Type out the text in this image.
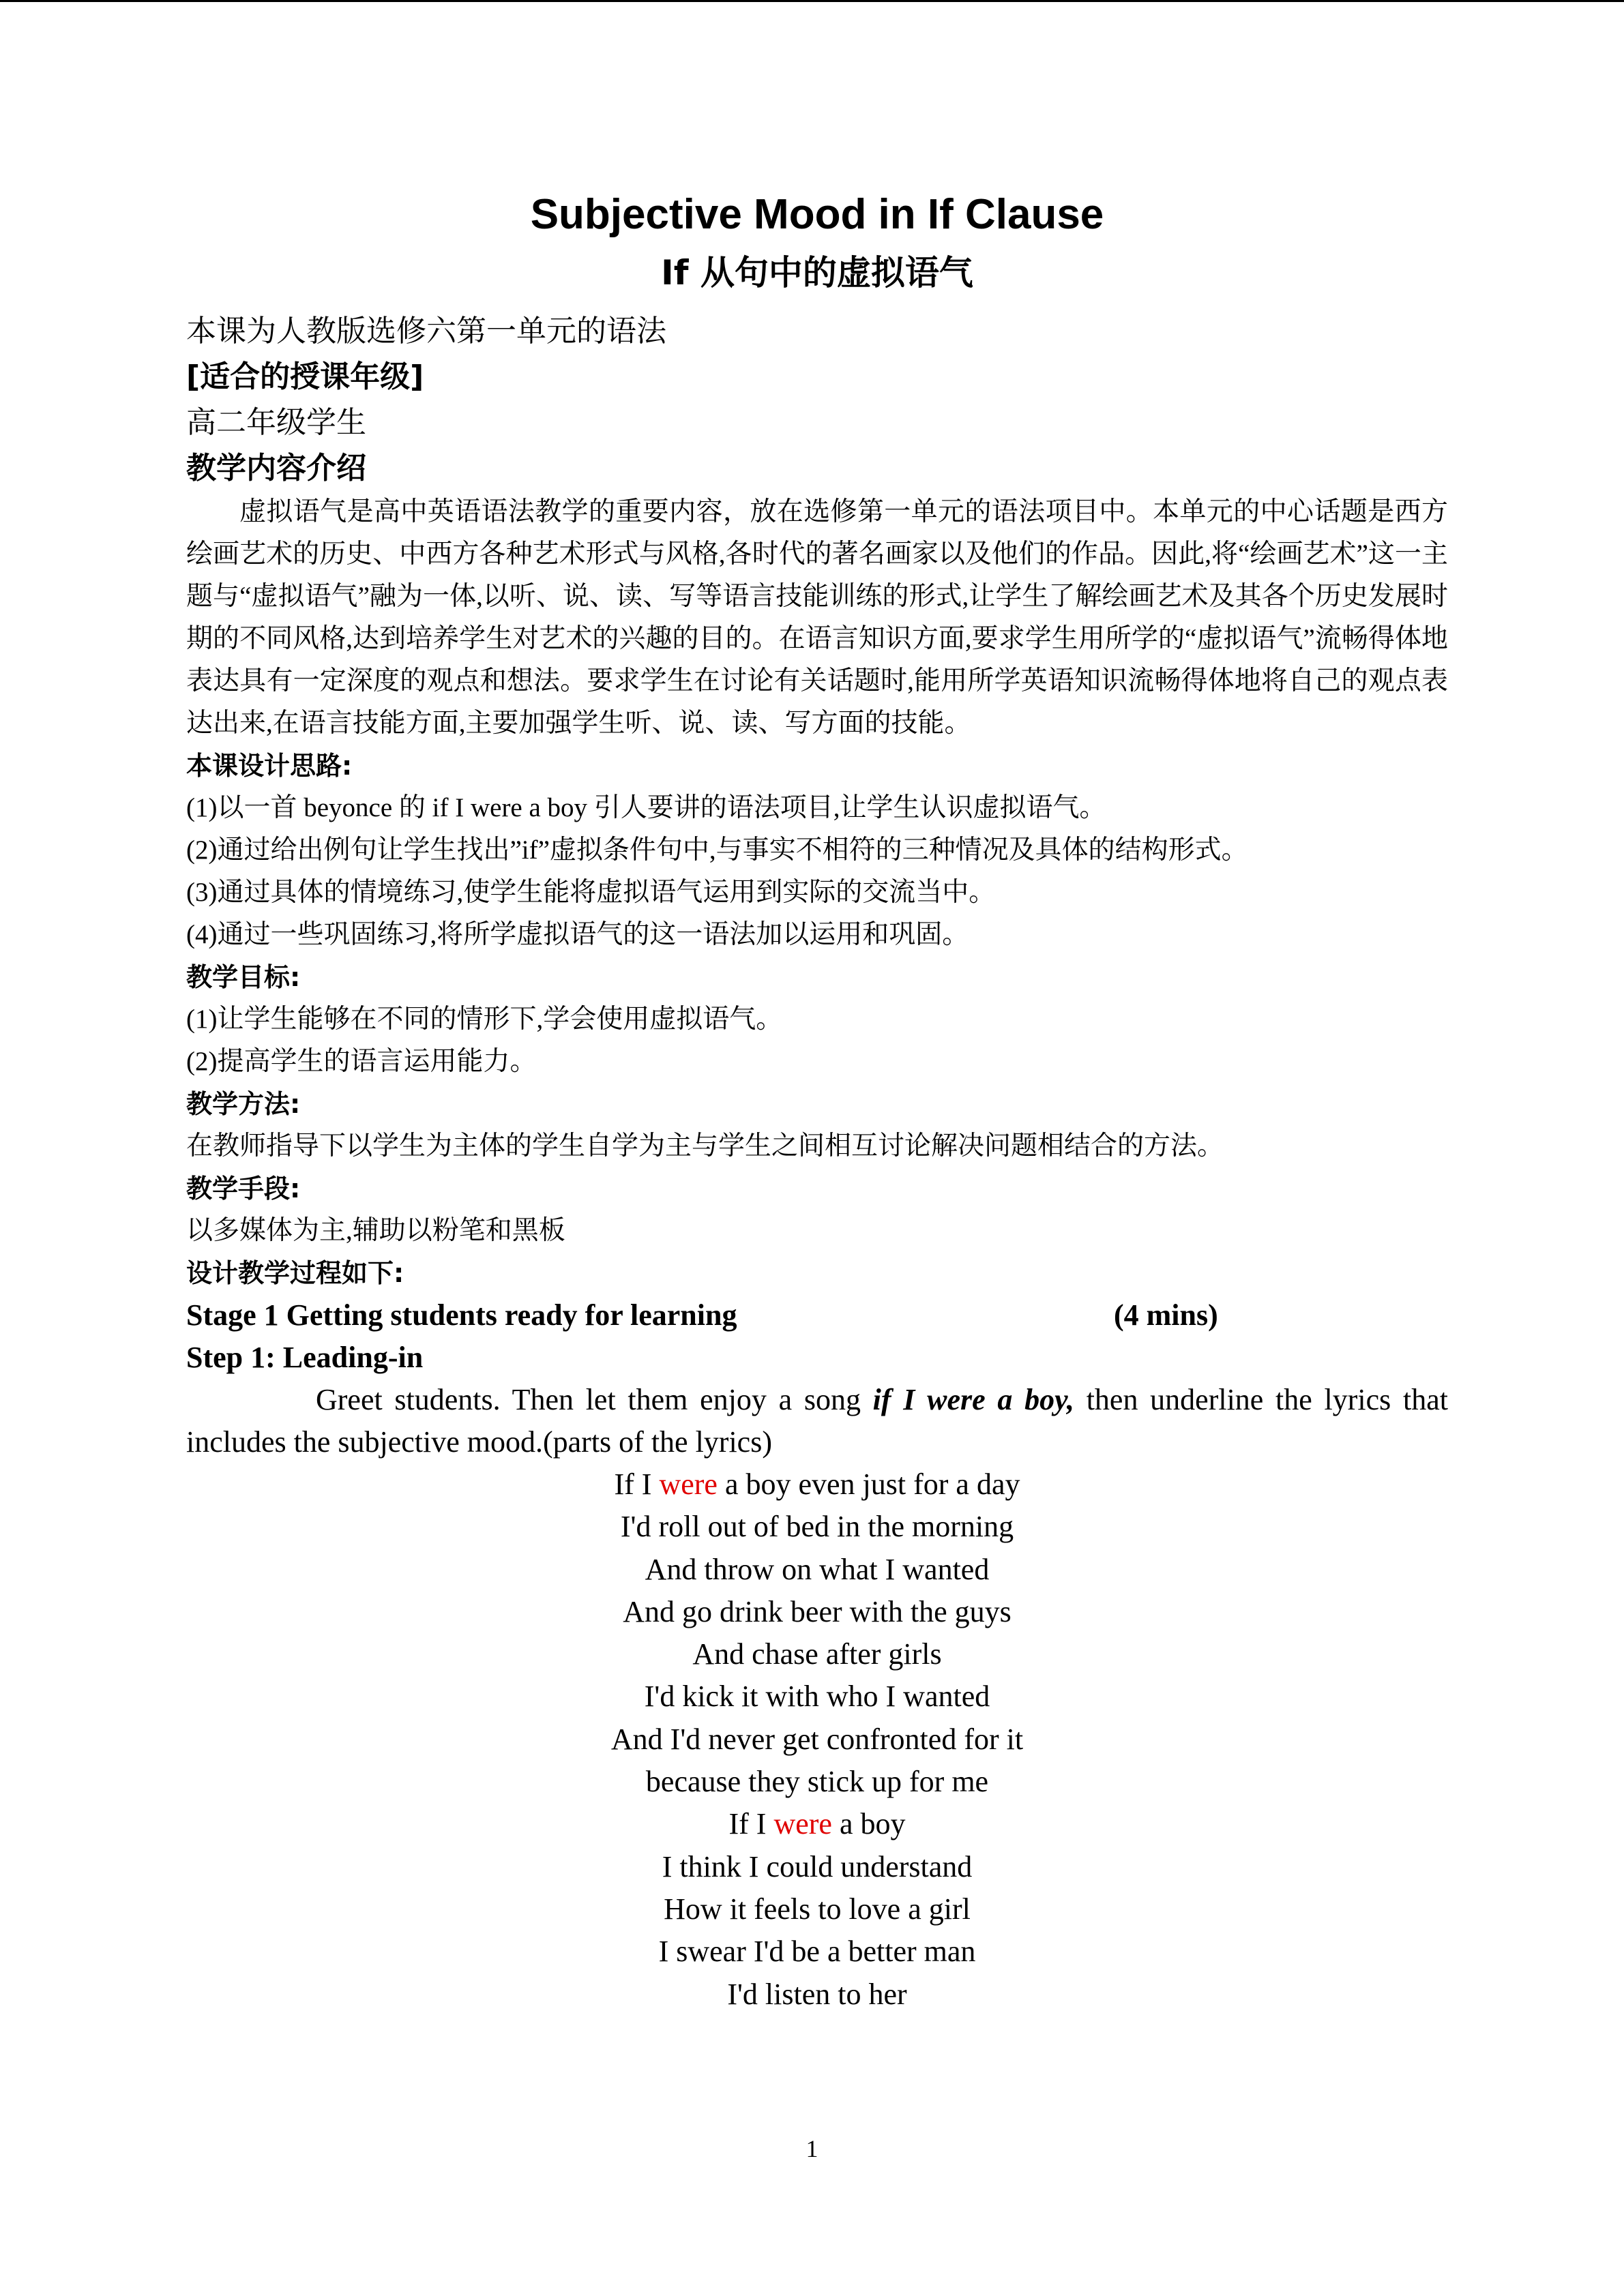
Subjective Mood in If Clause

If 从句中的虚拟语气

本课为人教版选修六第一单元的语法

[适合的授课年级]

高二年级学生

教学内容介绍

虚拟语气是高中英语语法教学的重要内容，放在选修第一单元的语法项目中。本单元的中心话题是西方绘画艺术的历史、中西方各种艺术形式与风格,各时代的著名画家以及他们的作品。因此,将“绘画艺术”这一主题与“虚拟语气”融为一体,以听、说、读、写等语言技能训练的形式,让学生了解绘画艺术及其各个历史发展时期的不同风格,达到培养学生对艺术的兴趣的目的。在语言知识方面,要求学生用所学的“虚拟语气”流畅得体地表达具有一定深度的观点和想法。要求学生在讨论有关话题时,能用所学英语知识流畅得体地将自己的观点表达出来,在语言技能方面,主要加强学生听、说、读、写方面的技能。

本课设计思路:

(1)以一首 beyonce 的 if I were a boy 引人要讲的语法项目,让学生认识虚拟语气。

(2)通过给出例句让学生找出”if”虚拟条件句中,与事实不相符的三种情况及具体的结构形式。

(3)通过具体的情境练习,使学生能将虚拟语气运用到实际的交流当中。

(4)通过一些巩固练习,将所学虚拟语气的这一语法加以运用和巩固。

教学目标:

(1)让学生能够在不同的情形下,学会使用虚拟语气。

(2)提高学生的语言运用能力。

教学方法:

在教师指导下以学生为主体的学生自学为主与学生之间相互讨论解决问题相结合的方法。

教学手段:

以多媒体为主,辅助以粉笔和黑板

设计教学过程如下:

Stage 1 Getting students ready for learning	(4 mins)

Step 1: Leading-in

Greet students. Then let them enjoy a song if I were a boy, then underline the lyrics that includes the subjective mood.(parts of the lyrics)

If I were a boy even just for a day

I'd roll out of bed in the morning

And throw on what I wanted

And go drink beer with the guys

And chase after girls

I'd kick it with who I wanted

And I'd never get confronted for it

because they stick up for me

If I were a boy

I think I could understand

How it feels to love a girl

I swear I'd be a better man

I'd listen to her

1
